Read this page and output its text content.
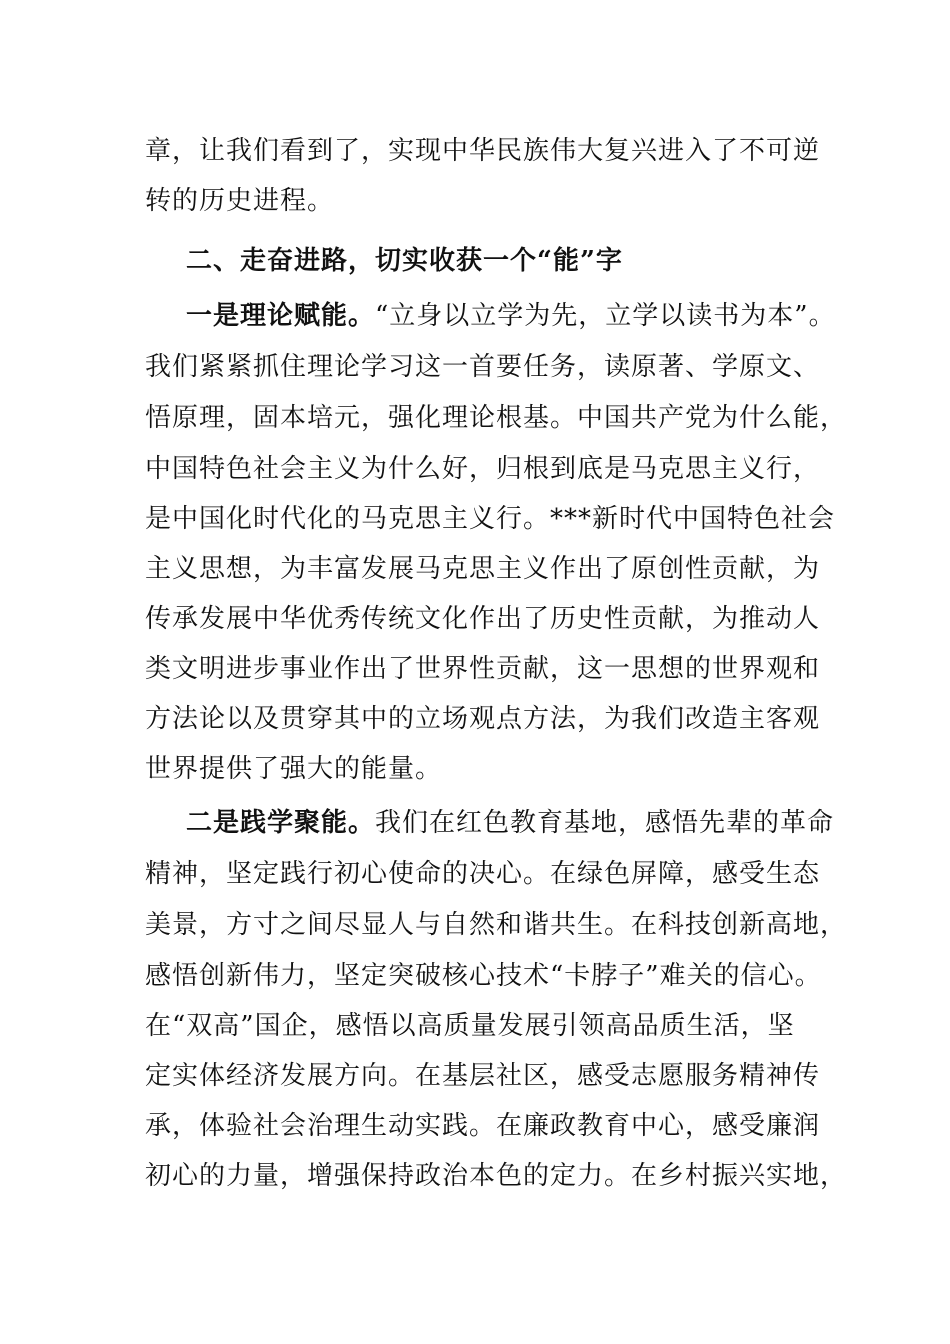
章，让我们看到了，实现中华民族伟大复兴进入了不可逆
转的历史进程。
二、走奋进路，切实收获一个“能”字
一是理论赋能。“立身以立学为先，立学以读书为本”。
我们紧紧抓住理论学习这一首要任务，读原著、学原文、
悟原理，固本培元，强化理论根基。中国共产党为什么能，
中国特色社会主义为什么好，归根到底是马克思主义行，
是中国化时代化的马克思主义行。***新时代中国特色社会
主义思想，为丰富发展马克思主义作出了原创性贡献，为
传承发展中华优秀传统文化作出了历史性贡献，为推动人
类文明进步事业作出了世界性贡献，这一思想的世界观和
方法论以及贯穿其中的立场观点方法，为我们改造主客观
世界提供了强大的能量。
二是践学聚能。我们在红色教育基地，感悟先辈的革命
精神，坚定践行初心使命的决心。在绿色屏障，感受生态
美景，方寸之间尽显人与自然和谐共生。在科技创新高地，
感悟创新伟力，坚定突破核心技术“卡脖子”难关的信心。
在“双高”国企，感悟以高质量发展引领高品质生活，坚
定实体经济发展方向。在基层社区，感受志愿服务精神传
承，体验社会治理生动实践。在廉政教育中心，感受廉润
初心的力量，增强保持政治本色的定力。在乡村振兴实地，
